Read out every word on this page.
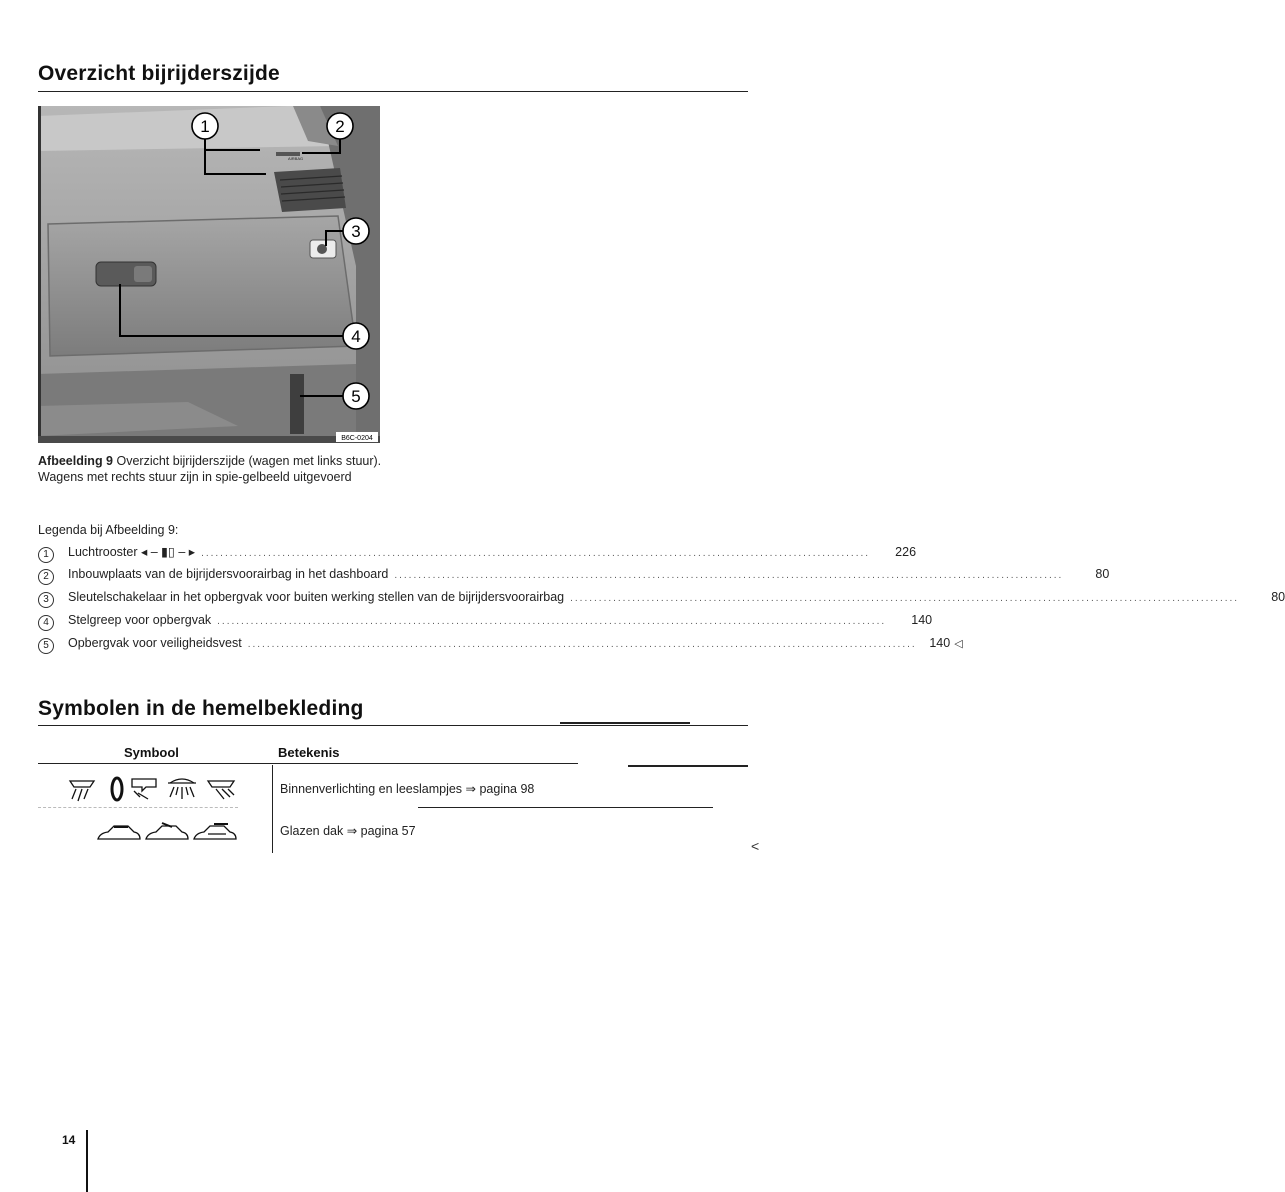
Overzicht bijrijderszijde
1	2
3
4
5
B6C-0204
AIRBAG
Afbeelding 9 Overzicht bijrijderszijde (wagen met links stuur). Wagens met rechts stuur zijn in spie-gelbeeld uitgevoerd
Legenda bij Afbeelding 9:
1	Luchtrooster ◂ – ▮▯ – ▸ ............................................................................................................................................	226
2	Inbouwplaats van de bijrijdersvoorairbag in het dashboard ............................................................................................................................................	80
3	Sleutelschakelaar in het opbergvak voor buiten werking stellen van de bijrijdersvoorairbag ............................................................................................................................................	80
4	Stelgreep voor opbergvak ............................................................................................................................................	140
5	Opbergvak voor veiligheidsvest ............................................................................................................................................	140 ◁
Symbolen in de hemelbekleding
Symbool	Betekenis
Binnenverlichting en leeslampjes ⇒ pagina 98
Glazen dak ⇒ pagina 57
<
14
